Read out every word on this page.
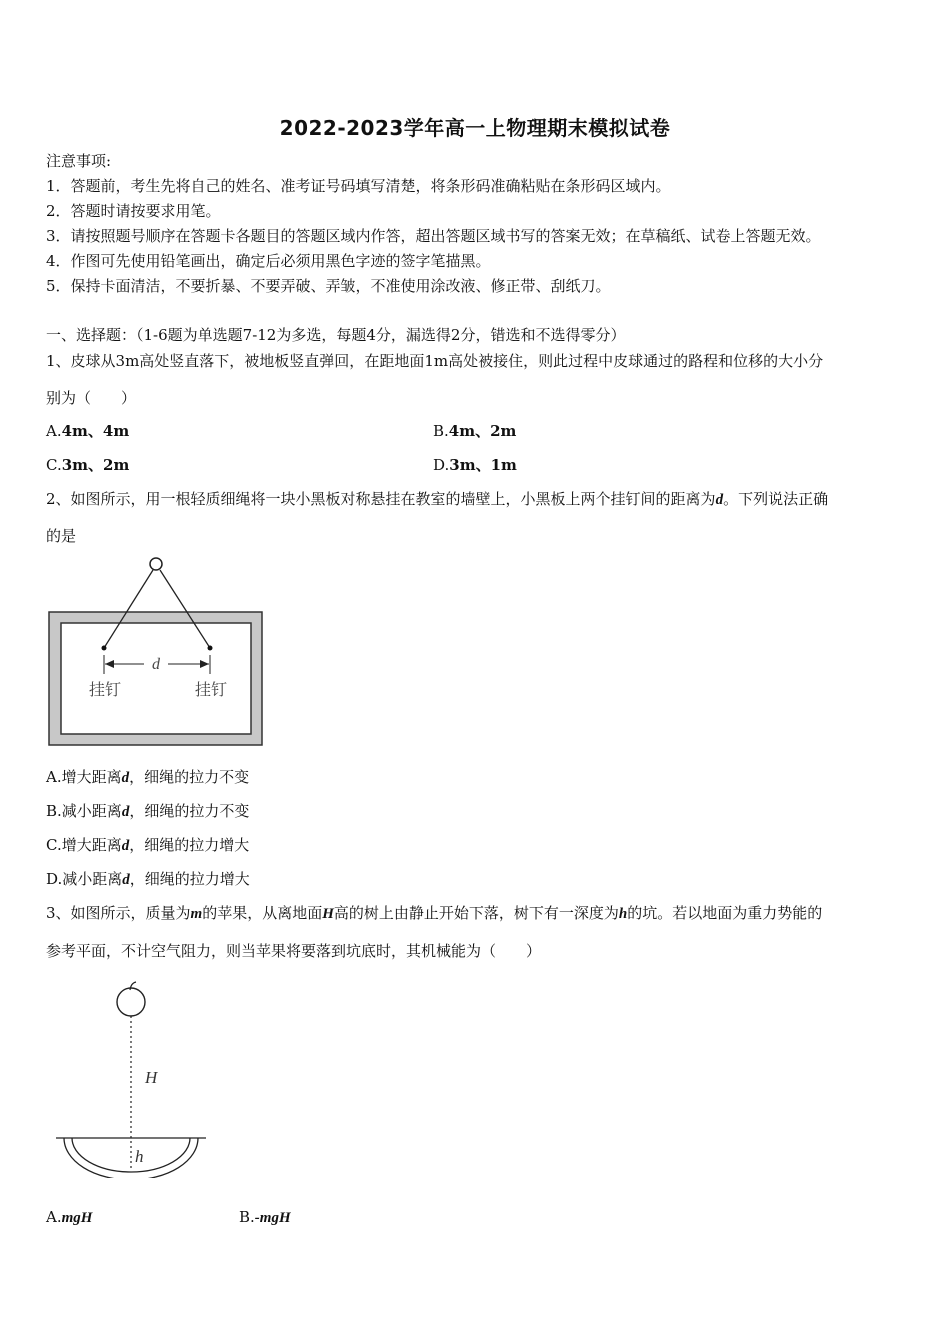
2022-2023学年高一上物理期末模拟试卷
注意事项:
1．答题前，考生先将自己的姓名、准考证号码填写清楚，将条形码准确粘贴在条形码区域内。
2．答题时请按要求用笔。
3．请按照题号顺序在答题卡各题目的答题区域内作答，超出答题区域书写的答案无效；在草稿纸、试卷上答题无效。
4．作图可先使用铅笔画出，确定后必须用黑色字迹的签字笔描黑。
5．保持卡面清洁，不要折暴、不要弄破、弄皱，不准使用涂改液、修正带、刮纸刀。
一、选择题：（1-6题为单选题7-12为多选，每题4分，漏选得2分，错选和不选得零分）
1、皮球从3m高处竖直落下，被地板竖直弹回，在距地面1m高处被接住，则此过程中皮球通过的路程和位移的大小分
别为（　　）
A.4m、4m	B.4m、2m
C.3m、2m	D.3m、1m
2、如图所示，用一根轻质细绳将一块小黑板对称悬挂在教室的墙壁上，小黑板上两个挂钉间的距离为d。下列说法正确
的是
d
挂钉	挂钉
A.增大距离d，细绳的拉力不变
B.减小距离d，细绳的拉力不变
C.增大距离d，细绳的拉力增大
D.减小距离d，细绳的拉力增大
3、如图所示，质量为m的苹果，从离地面H高的树上由静止开始下落，树下有一深度为h的坑。若以地面为重力势能的
参考平面，不计空气阻力，则当苹果将要落到坑底时，其机械能为（　　）
H
h
A.mgH	B.-mgH
